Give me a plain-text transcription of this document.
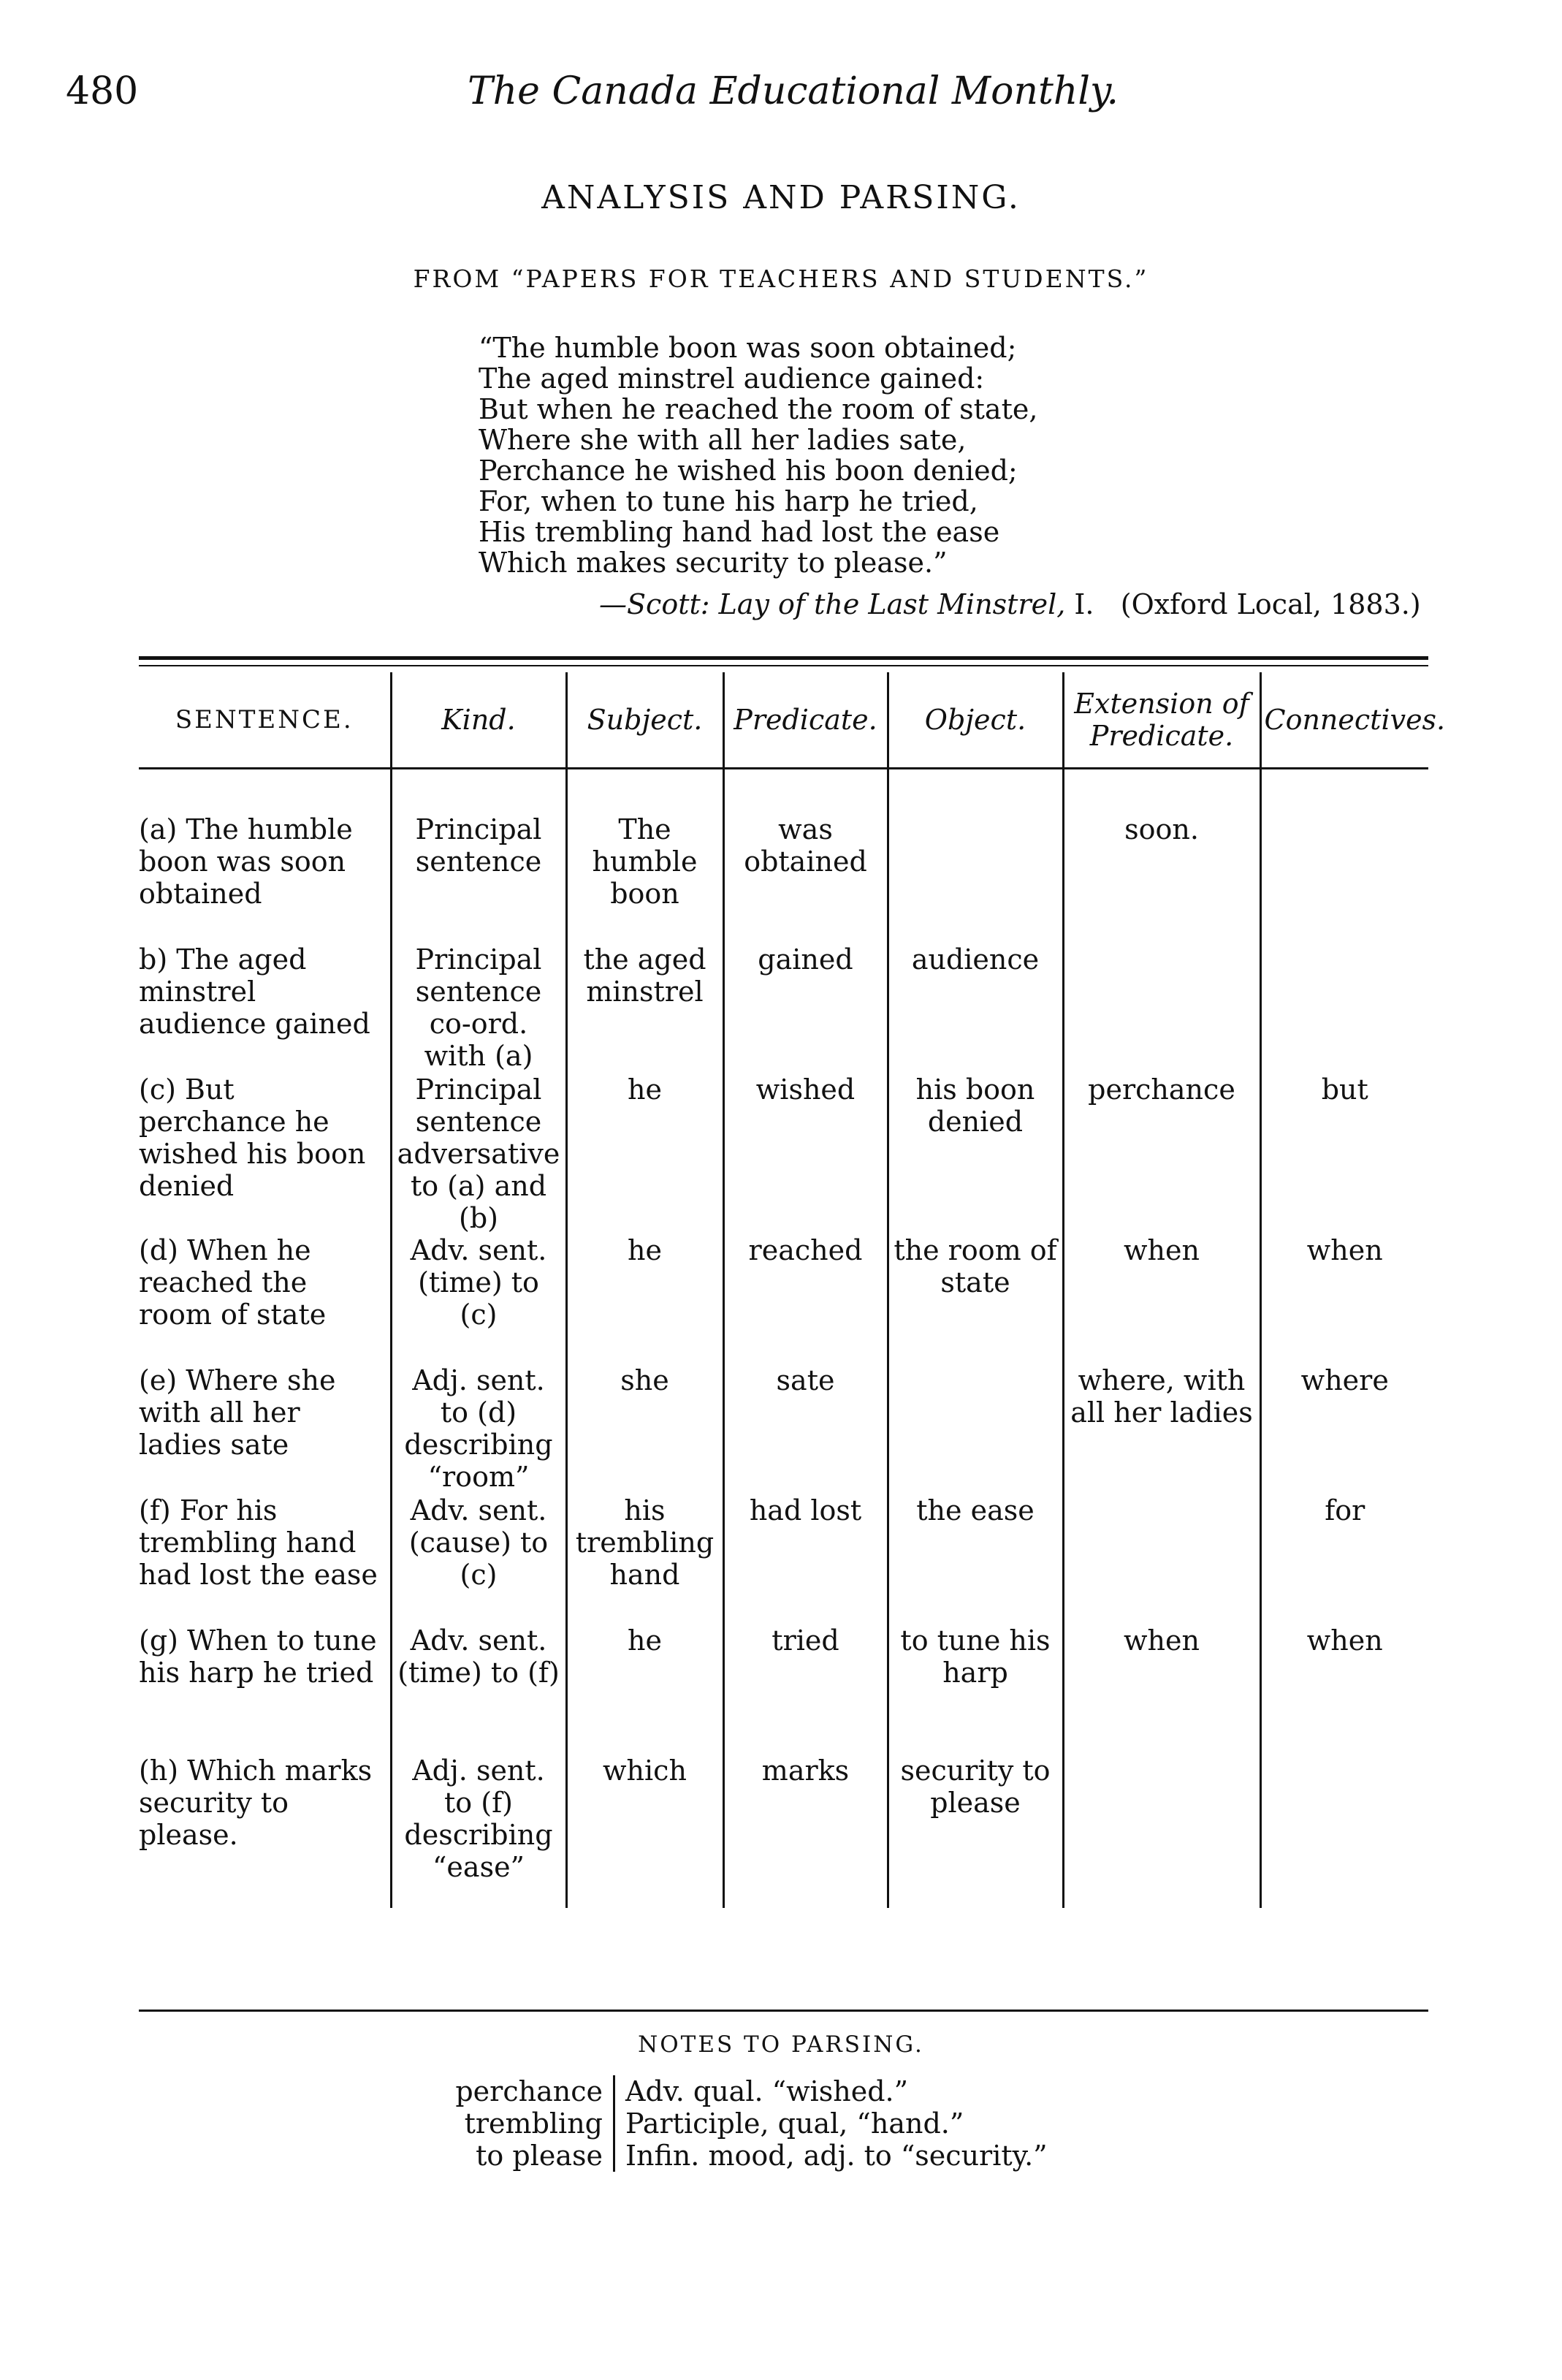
480	The Canada Educational Monthly.
ANALYSIS AND PARSING.
FROM “PAPERS FOR TEACHERS AND STUDENTS.”
“The humble boon was soon obtained;
The aged minstrel audience gained:
But when he reached the room of state,
Where she with all her ladies sate,
Perchance he wished his boon denied;
For, when to tune his harp he tried,
His trembling hand had lost the ease
Which makes security to please.”
—Scott: Lay of the Last Minstrel, I. (Oxford Local, 1883.)
SENTENCE.	Kind.	Subject.	Predicate.	Object.	Extension of Predicate.	Connectives.
(a) The humble boon was soon obtained	Principal sentence	The humble boon	was obtained		soon.	
b) The aged minstrel audience gained	Principal sentence co-ord. with (a)	the aged minstrel	gained	audience		
(c) But perchance he wished his boon denied	Principal sentence adversative to (a) and (b)	he	wished	his boon denied	perchance	but
(d) When he reached the room of state	Adv. sent. (time) to (c)	he	reached	the room of state	when	when
(e) Where she with all her ladies sate	Adj. sent. to (d) describing “room”	she	sate		where, with all her ladies	where
(f) For his trembling hand had lost the ease	Adv. sent. (cause) to (c)	his trembling hand	had lost	the ease		for
(g) When to tune his harp he tried	Adv. sent. (time) to (f)	he	tried	to tune his harp	when	when
(h) Which marks security to please.	Adj. sent. to (f) describing “ease”	which	marks	security to please		
NOTES TO PARSING.
perchance Adv. qual. “wished.”
trembling Participle, qual, “hand.”
to please Infin. mood, adj. to “security.”
